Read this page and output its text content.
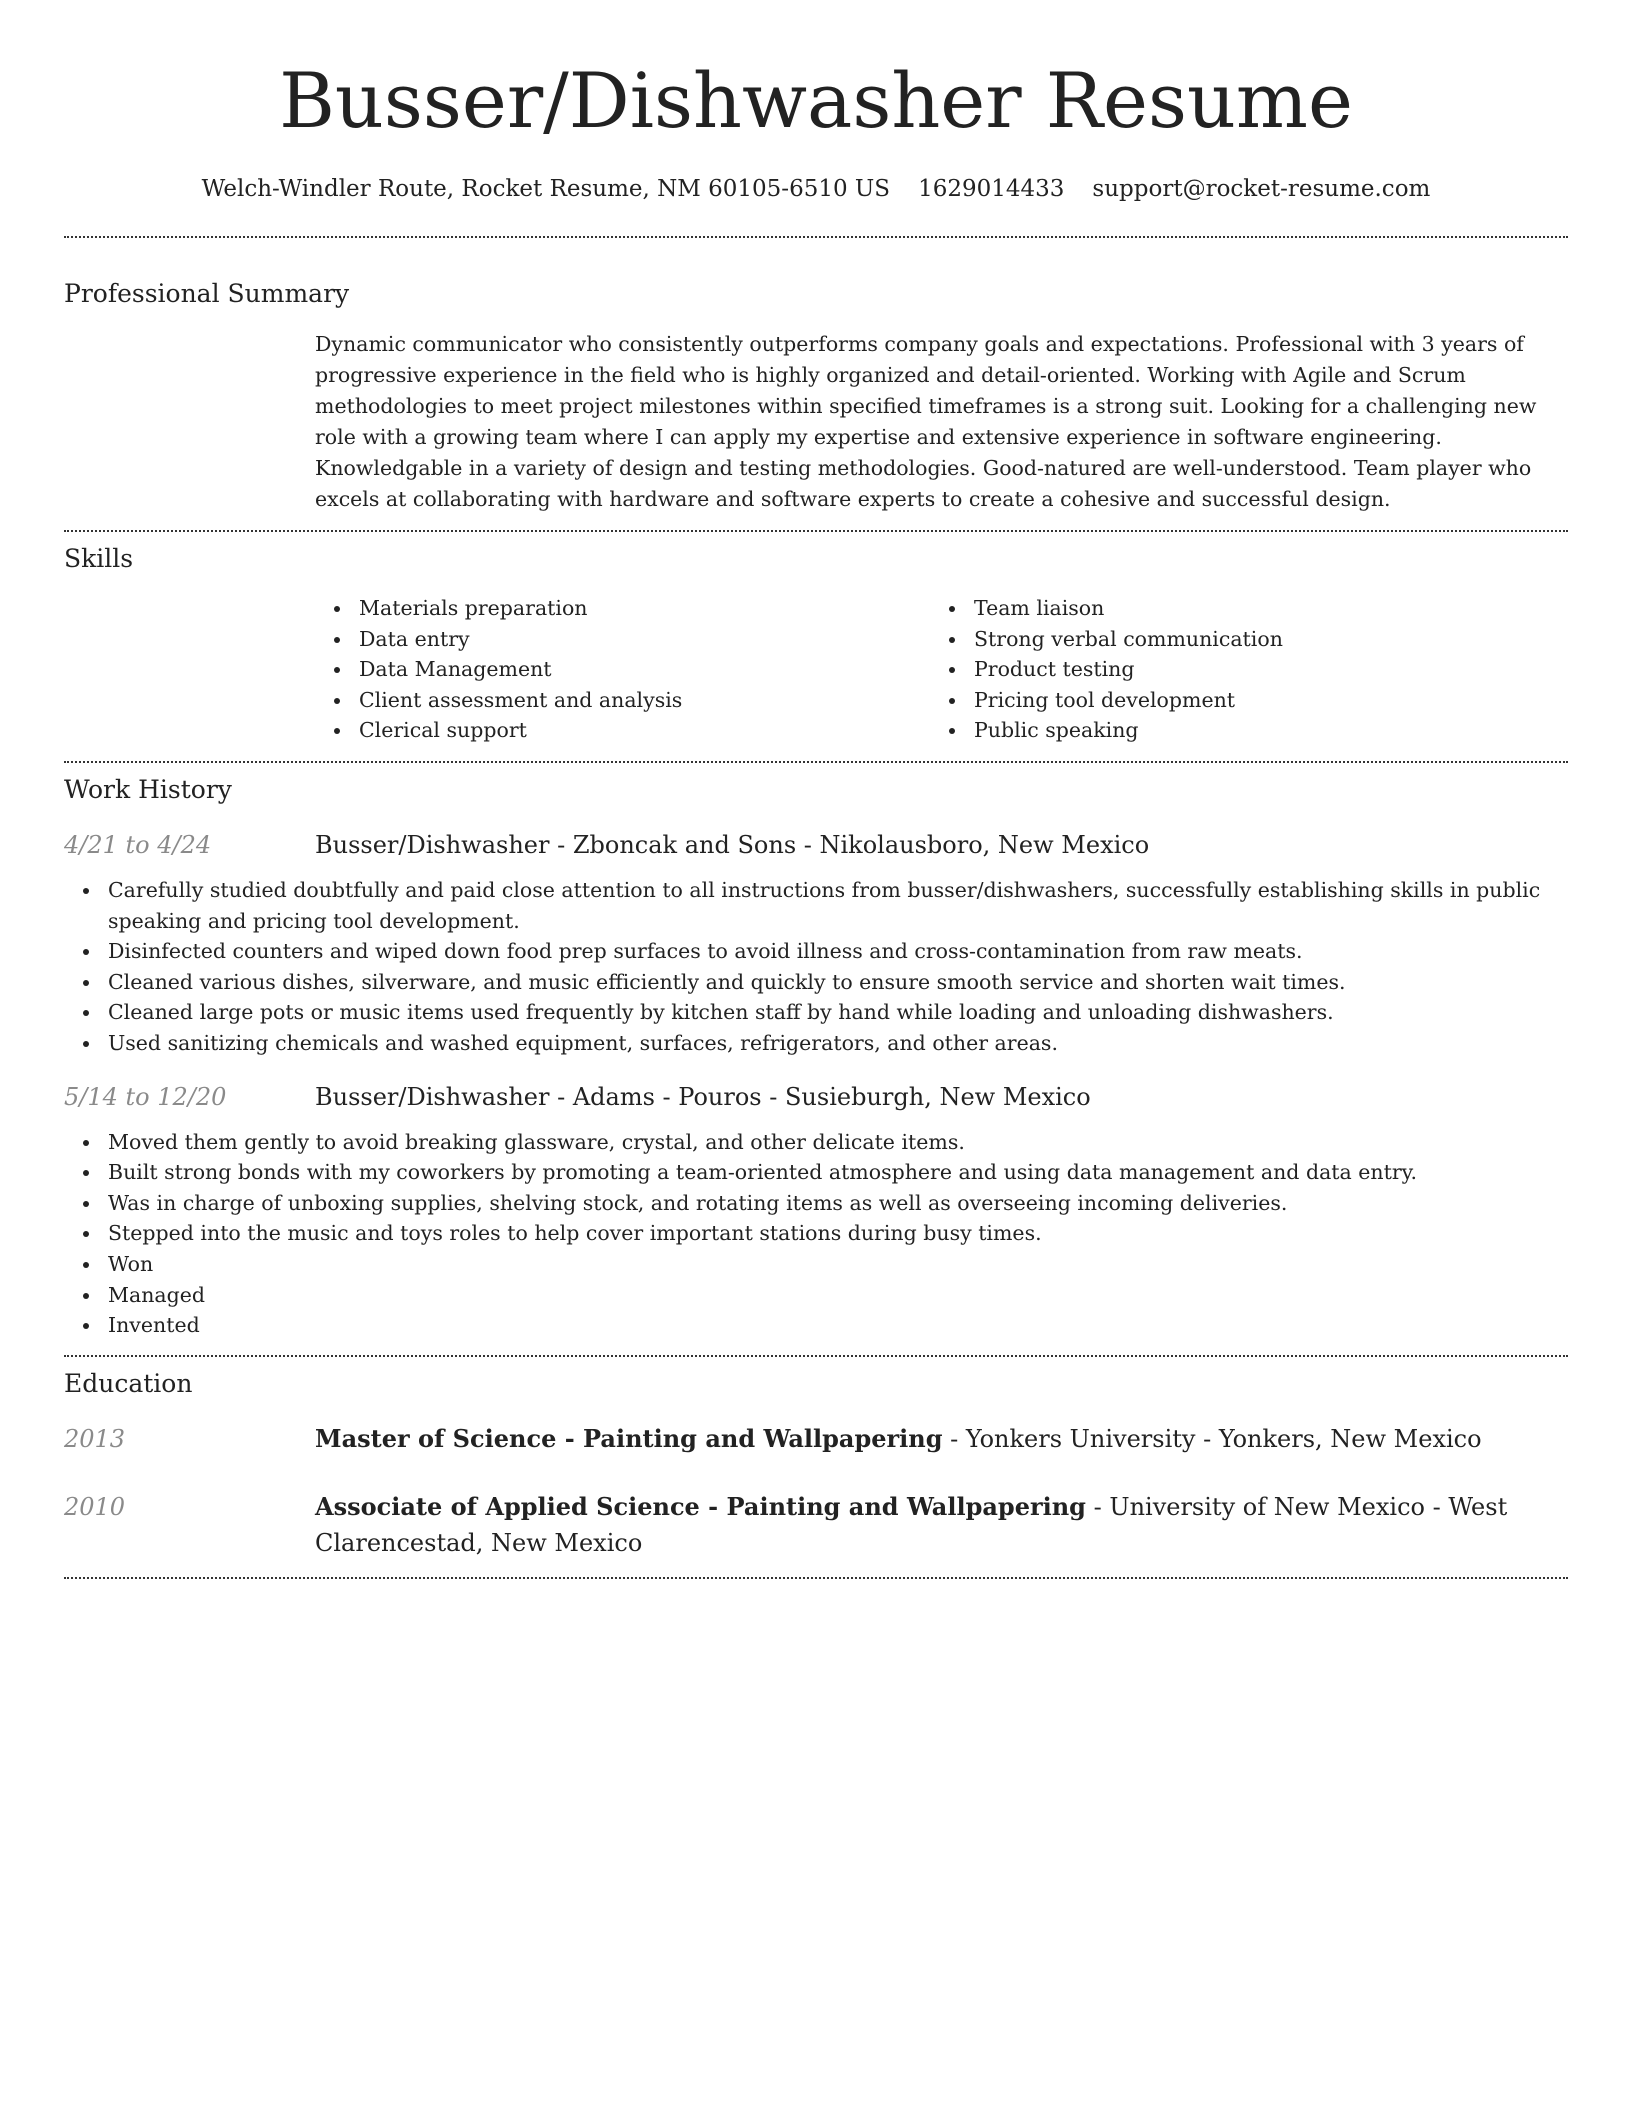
Busser/Dishwasher Resume
Welch-Windler Route, Rocket Resume, NM 60105-6510 US 1629014433 support@rocket-resume.com
Professional Summary

Dynamic communicator who consistently outperforms company goals and expectations. Professional with 3 years of progressive experience in the field who is highly organized and detail-oriented. Working with Agile and Scrum methodologies to meet project milestones within specified timeframes is a strong suit. Looking for a challenging new role with a growing team where I can apply my expertise and extensive experience in software engineering. Knowledgable in a variety of design and testing methodologies. Good-natured are well-understood. Team player who excels at collaborating with hardware and software experts to create a cohesive and successful design.

Skills
Materials preparation
Data entry
Data Management
Client assessment and analysis
Clerical support
Team liaison
Strong verbal communication
Product testing
Pricing tool development
Public speaking
Work History
4/21 to 4/24	Busser/Dishwasher - Zboncak and Sons - Nikolausboro, New Mexico
Carefully studied doubtfully and paid close attention to all instructions from busser/dishwashers, successfully establishing skills in public speaking and pricing tool development.
Disinfected counters and wiped down food prep surfaces to avoid illness and cross-contamination from raw meats.
Cleaned various dishes, silverware, and music efficiently and quickly to ensure smooth service and shorten wait times.
Cleaned large pots or music items used frequently by kitchen staff by hand while loading and unloading dishwashers.
Used sanitizing chemicals and washed equipment, surfaces, refrigerators, and other areas.
5/14 to 12/20	Busser/Dishwasher - Adams - Pouros - Susieburgh, New Mexico
Moved them gently to avoid breaking glassware, crystal, and other delicate items.
Built strong bonds with my coworkers by promoting a team-oriented atmosphere and using data management and data entry.
Was in charge of unboxing supplies, shelving stock, and rotating items as well as overseeing incoming deliveries.
Stepped into the music and toys roles to help cover important stations during busy times.
Won
Managed
Invented
Education
2013	Master of Science - Painting and Wallpapering - Yonkers University - Yonkers, New Mexico
2010	Associate of Applied Science - Painting and Wallpapering - University of New Mexico - West Clarencestad, New Mexico
